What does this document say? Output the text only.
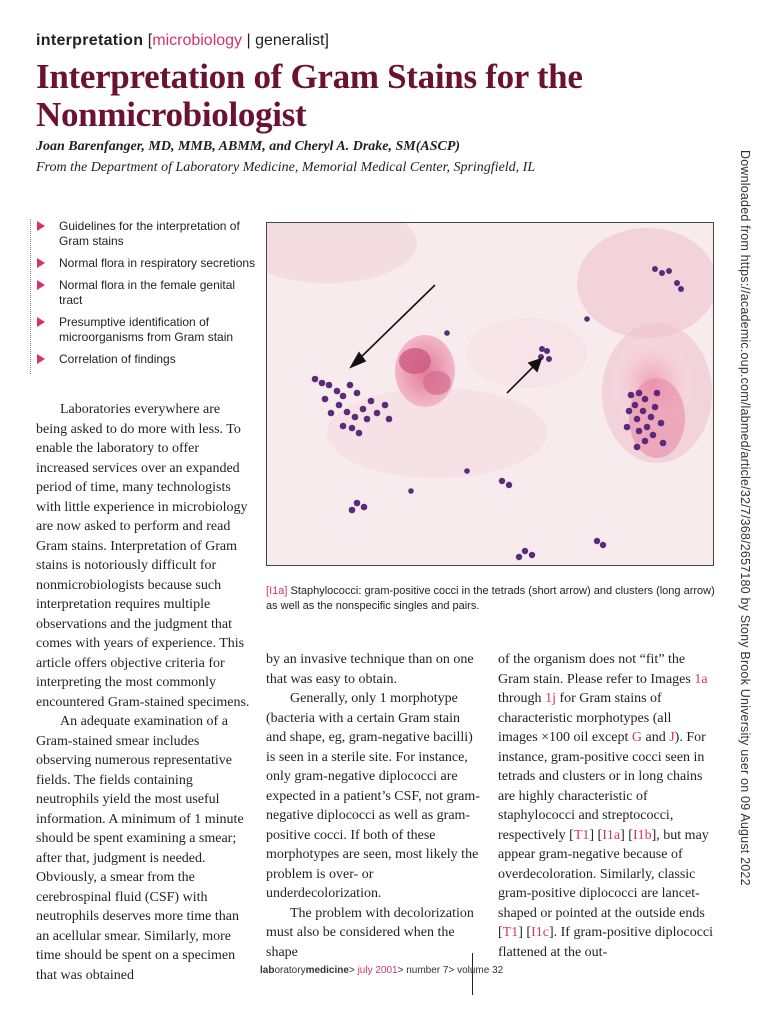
interpretation [microbiology | generalist]
Interpretation of Gram Stains for the Nonmicrobiologist
Joan Barenfanger, MD, MMB, ABMM, and Cheryl A. Drake, SM(ASCP)
From the Department of Laboratory Medicine, Memorial Medical Center, Springfield, IL	Downloaded from https://academic.oup.com/labmed/article/32/7/368/2657180 by Stony Brook University user on 09 August 2022
Guidelines for the interpretation of Gram stains
Normal flora in respiratory secretions
Normal flora in the female genital tract
Presumptive identification of microorganisms from Gram stain
Correlation of findings
[I1a] Staphylococci: gram-positive cocci in the tetrads (short arrow) and clusters (long arrow) as well as the nonspecific singles and pairs.

Laboratories everywhere are being asked to do more with less. To enable the laboratory to offer increased services over an expanded period of time, many technologists with little experience in microbiology are now asked to perform and read Gram stains. Interpretation of Gram stains is notoriously difficult for nonmicrobiologists because such interpretation requires multiple observations and the judgment that comes with years of experience. This article offers objective criteria for interpreting the most commonly encountered Gram-stained specimens.

An adequate examination of a Gram-stained smear includes observing numerous representative fields. The fields containing neutrophils yield the most useful information. A minimum of 1 minute should be spent examining a smear; after that, judgment is needed. Obviously, a smear from the cerebrospinal fluid (CSF) with neutrophils deserves more time than an acellular smear. Similarly, more time should be spent on a specimen that was obtained

by an invasive technique than on one that was easy to obtain.

Generally, only 1 morphotype (bacteria with a certain Gram stain and shape, eg, gram-negative bacilli) is seen in a sterile site. For instance, only gram-negative diplococci are expected in a patient’s CSF, not gram-negative diplococci as well as gram-positive cocci. If both of these morphotypes are seen, most likely the problem is over- or underdecolorization.

The problem with decolorization must also be considered when the shape

of the organism does not “fit” the Gram stain. Please refer to Images 1a through 1j for Gram stains of characteristic morphotypes (all images ×100 oil except G and J). For instance, gram-positive cocci seen in tetrads and clusters or in long chains are highly characteristic of staphylococci and streptococci, respectively [T1] [I1a] [I1b], but may appear gram-negative because of overdecoloration. Similarly, classic gram-positive diplococci are lancet-shaped or pointed at the outside ends [T1] [I1c]. If gram-positive diplococci flattened at the out-

laboratorymedicine> july 2001> number 7> volume 32
